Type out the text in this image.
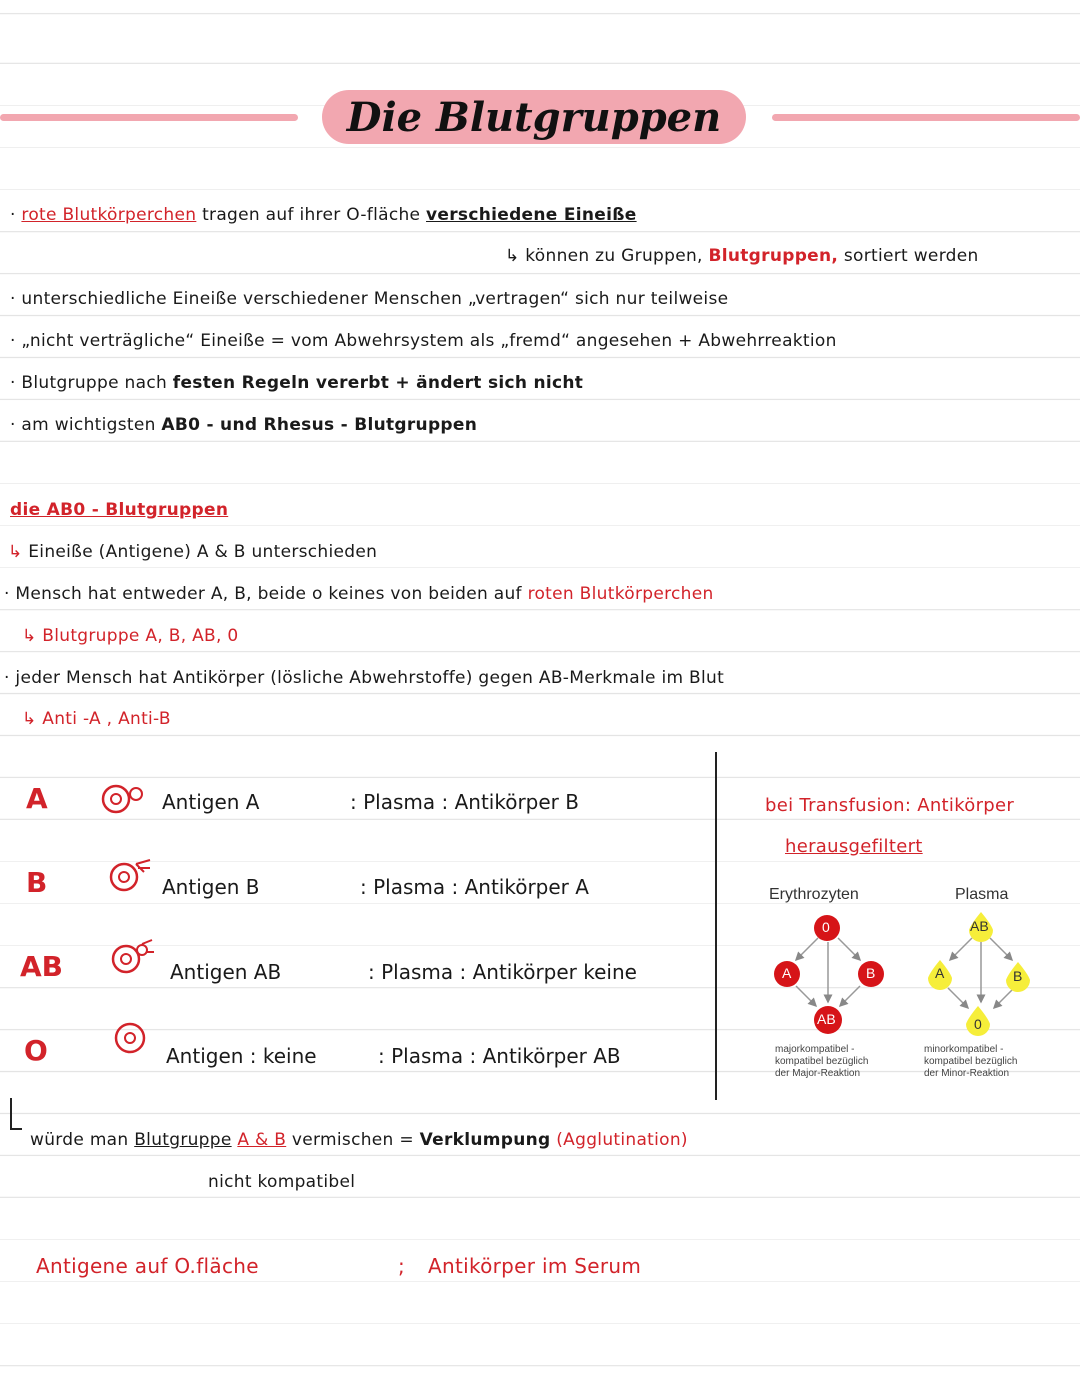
Die Blutgruppen
· rote Blutkörperchen tragen auf ihrer O-fläche verschiedene Eineiße
↳ können zu Gruppen, Blutgruppen, sortiert werden
· unterschiedliche Eineiße verschiedener Menschen „vertragen“ sich nur teilweise
· „nicht verträgliche“ Eineiße = vom Abwehrsystem als „fremd“ angesehen + Abwehrreaktion
· Blutgruppe nach festen Regeln vererbt + ändert sich nicht
· am wichtigsten AB0 - und Rhesus - Blutgruppen
die AB0 - Blutgruppen
↳ Eineiße (Antigene) A & B unterschieden
· Mensch hat entweder A, B, beide o keines von beiden auf roten Blutkörperchen
↳ Blutgruppe A, B, AB, 0
· jeder Mensch hat Antikörper (lösliche Abwehrstoffe) gegen AB-Merkmale im Blut
↳ Anti -A , Anti-B
A	Antigen A	: Plasma : Antikörper B
B	Antigen B	: Plasma : Antikörper A
AB	Antigen AB	: Plasma : Antikörper keine
O	Antigen : keine	: Plasma : Antikörper AB
bei Transfusion: Antikörper
herausgefiltert
Erythrozyten	Plasma
0
A	B
AB
AB
A	B
0
majorkompatibel -
kompatibel bezüglich
der Major-Reaktion
minorkompatibel -
kompatibel bezüglich
der Minor-Reaktion
würde man Blutgruppe A & B vermischen = Verklumpung (Agglutination)
nicht kompatibel
Antigene auf O.fläche	; Antikörper im Serum
